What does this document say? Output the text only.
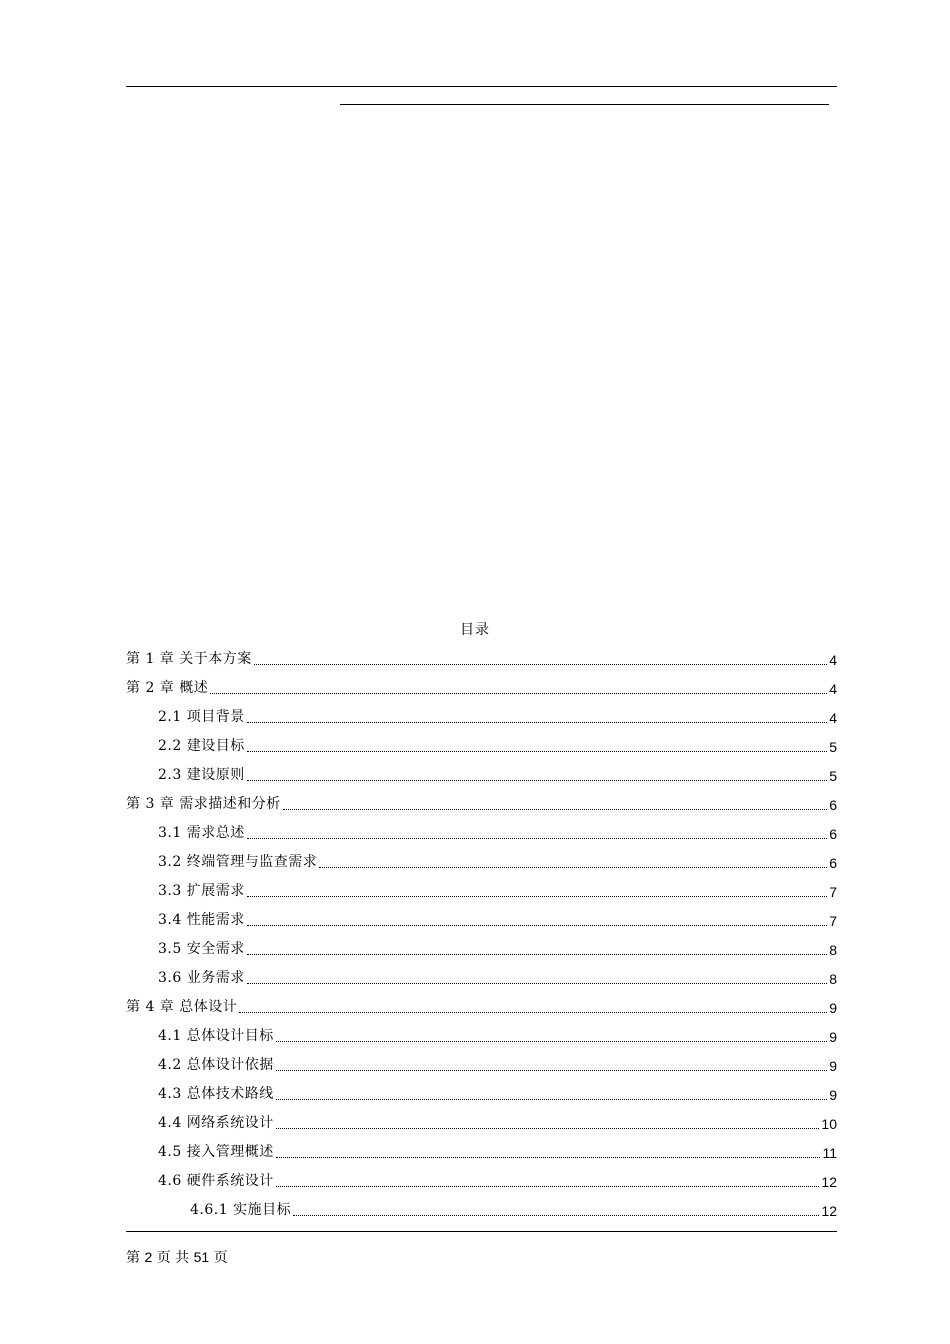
目录
第 1 章 关于本方案	4
第 2 章 概述	4
2.1 项目背景	4
2.2 建设目标	5
2.3 建设原则	5
第 3 章 需求描述和分析	6
3.1 需求总述	6
3.2 终端管理与监查需求	6
3.3 扩展需求	7
3.4 性能需求	7
3.5 安全需求	8
3.6 业务需求	8
第 4 章 总体设计	9
4.1 总体设计目标	9
4.2 总体设计依据	9
4.3 总体技术路线	9
4.4 网络系统设计	10
4.5 接入管理概述	11
4.6 硬件系统设计	12
4.6.1 实施目标	12
第 2 页 共 51 页
